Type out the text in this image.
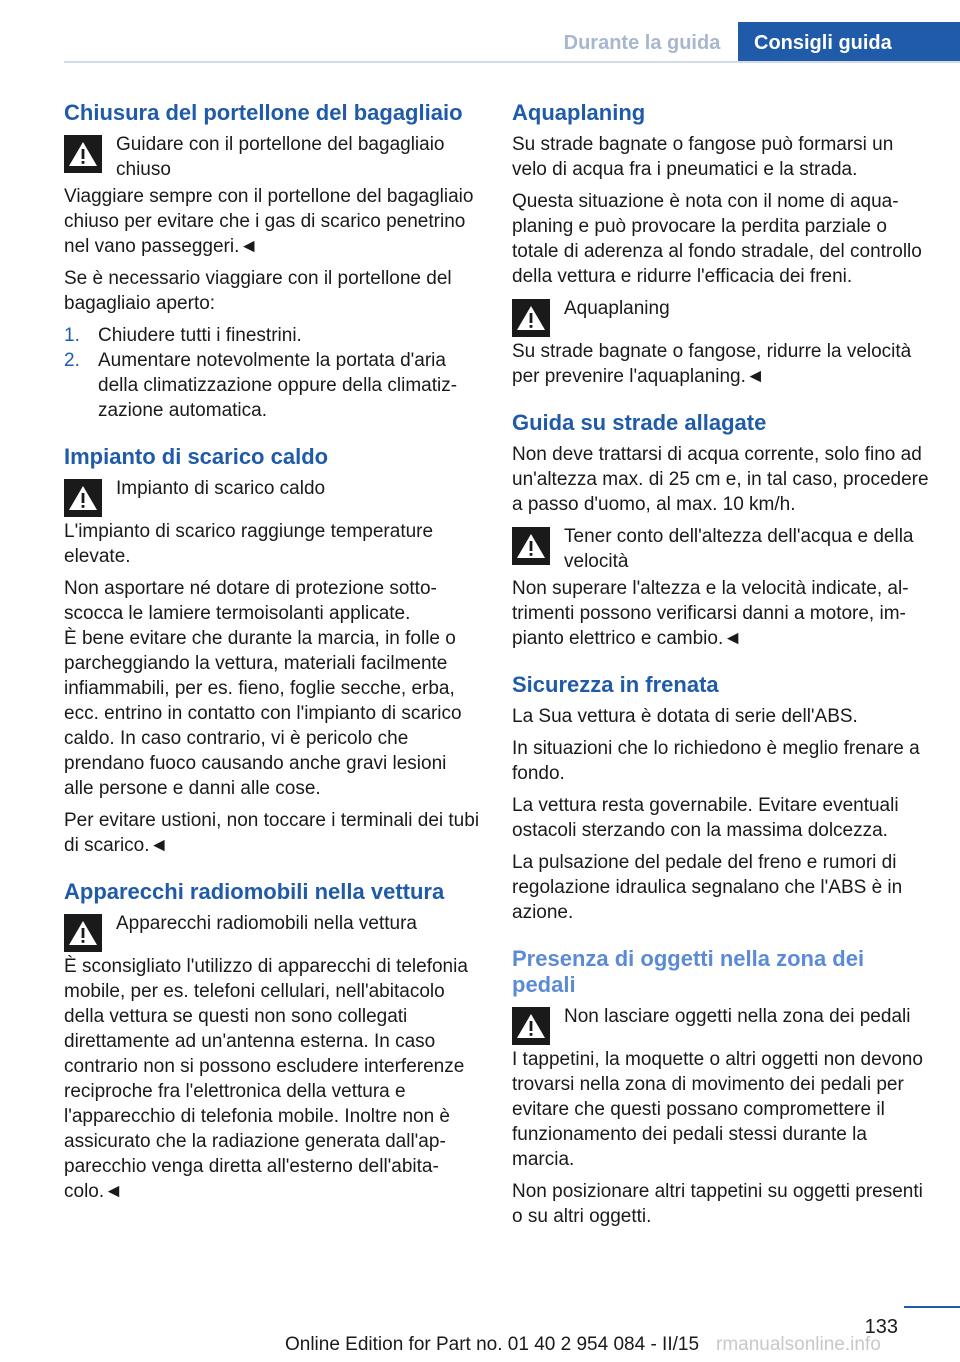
Durante la guida	Consigli guida
Chiusura del portellone del bagagliaio
Guidare con il portellone del bagagliaio chiuso
Viaggiare sempre con il portellone del bagagliaio chiuso per evitare che i gas di scarico penetrino nel vano passeggeri.◄
Se è necessario viaggiare con il portellone del bagagliaio aperto:
1. Chiudere tutti i finestrini.
2. Aumentare notevolmente la portata d'aria della climatizzazione oppure della climatizzazione automatica.
Impianto di scarico caldo
Impianto di scarico caldo
L'impianto di scarico raggiunge temperature elevate.
Non asportare né dotare di protezione sottoscocca le lamiere termoisolanti applicate.
È bene evitare che durante la marcia, in folle o parcheggiando la vettura, materiali facilmente infiammabili, per es. fieno, foglie secche, erba, ecc. entrino in contatto con l'impianto di scarico caldo. In caso contrario, vi è pericolo che prendano fuoco causando anche gravi lesioni alle persone e danni alle cose.
Per evitare ustioni, non toccare i terminali dei tubi di scarico.◄
Apparecchi radiomobili nella vettura
Apparecchi radiomobili nella vettura
È sconsigliato l'utilizzo di apparecchi di telefonia mobile, per es. telefoni cellulari, nell'abitacolo della vettura se questi non sono collegati direttamente ad un'antenna esterna. In caso contrario non si possono escludere interferenze reciproche fra l'elettronica della vettura e l'apparecchio di telefonia mobile. Inoltre non è assicurato che la radiazione generata dall'apparecchio venga diretta all'esterno dell'abitacolo.◄
Aquaplaning
Su strade bagnate o fangose può formarsi un velo di acqua fra i pneumatici e la strada.
Questa situazione è nota con il nome di aquaplaning e può provocare la perdita parziale o totale di aderenza al fondo stradale, del controllo della vettura e ridurre l'efficacia dei freni.
Aquaplaning
Su strade bagnate o fangose, ridurre la velocità per prevenire l'aquaplaning.◄
Guida su strade allagate
Non deve trattarsi di acqua corrente, solo fino ad un'altezza max. di 25 cm e, in tal caso, procedere a passo d'uomo, al max. 10 km/h.
Tener conto dell'altezza dell'acqua e della velocità
Non superare l'altezza e la velocità indicate, altrimenti possono verificarsi danni a motore, impianto elettrico e cambio.◄
Sicurezza in frenata
La Sua vettura è dotata di serie dell'ABS.
In situazioni che lo richiedono è meglio frenare a fondo.
La vettura resta governabile. Evitare eventuali ostacoli sterzando con la massima dolcezza.
La pulsazione del pedale del freno e rumori di regolazione idraulica segnalano che l'ABS è in azione.
Presenza di oggetti nella zona dei pedali
Non lasciare oggetti nella zona dei pedali
I tappetini, la moquette o altri oggetti non devono trovarsi nella zona di movimento dei pedali per evitare che questi possano compromettere il funzionamento dei pedali stessi durante la marcia.
Non posizionare altri tappetini su oggetti presenti o su altri oggetti.
133
Online Edition for Part no. 01 40 2 954 084 - II/15 rmanualsonline.info
